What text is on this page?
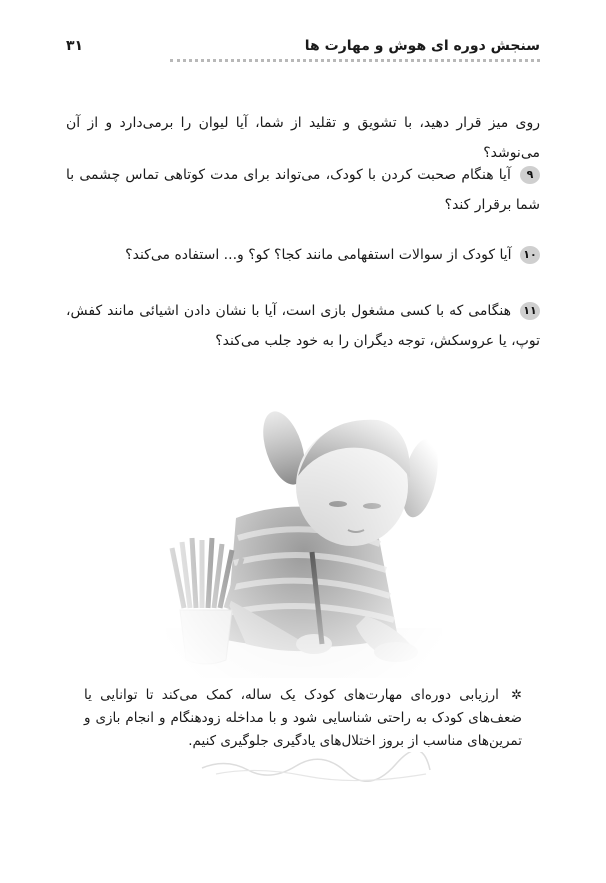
سنجش دوره ای هوش و مهارت ها
۳۱
روی میز قرار دهید، با تشویق و تقلید از شما، آیا لیوان را برمی‌دارد و از آن می‌نوشد؟
۹ آیا هنگام صحبت کردن با کودک، می‌تواند برای مدت کوتاهی تماس چشمی با شما برقرار کند؟
۱۰ آیا کودک از سوالات استفهامی مانند کجا؟ کو؟ و... استفاده می‌کند؟
۱۱ هنگامی که با کسی مشغول بازی است، آیا با نشان دادن اشیائی مانند کفش، توپ، یا عروسکش، توجه دیگران را به خود جلب می‌کند؟
✲ ارزیابی دوره‌ای مهارت‌های کودک یک ساله، کمک می‌کند تا توانایی یا ضعف‌های کودک به راحتی شناسایی شود و با مداخله زودهنگام و انجام بازی و تمرین‌های مناسب از بروز اختلال‌های یادگیری جلوگیری کنیم.
